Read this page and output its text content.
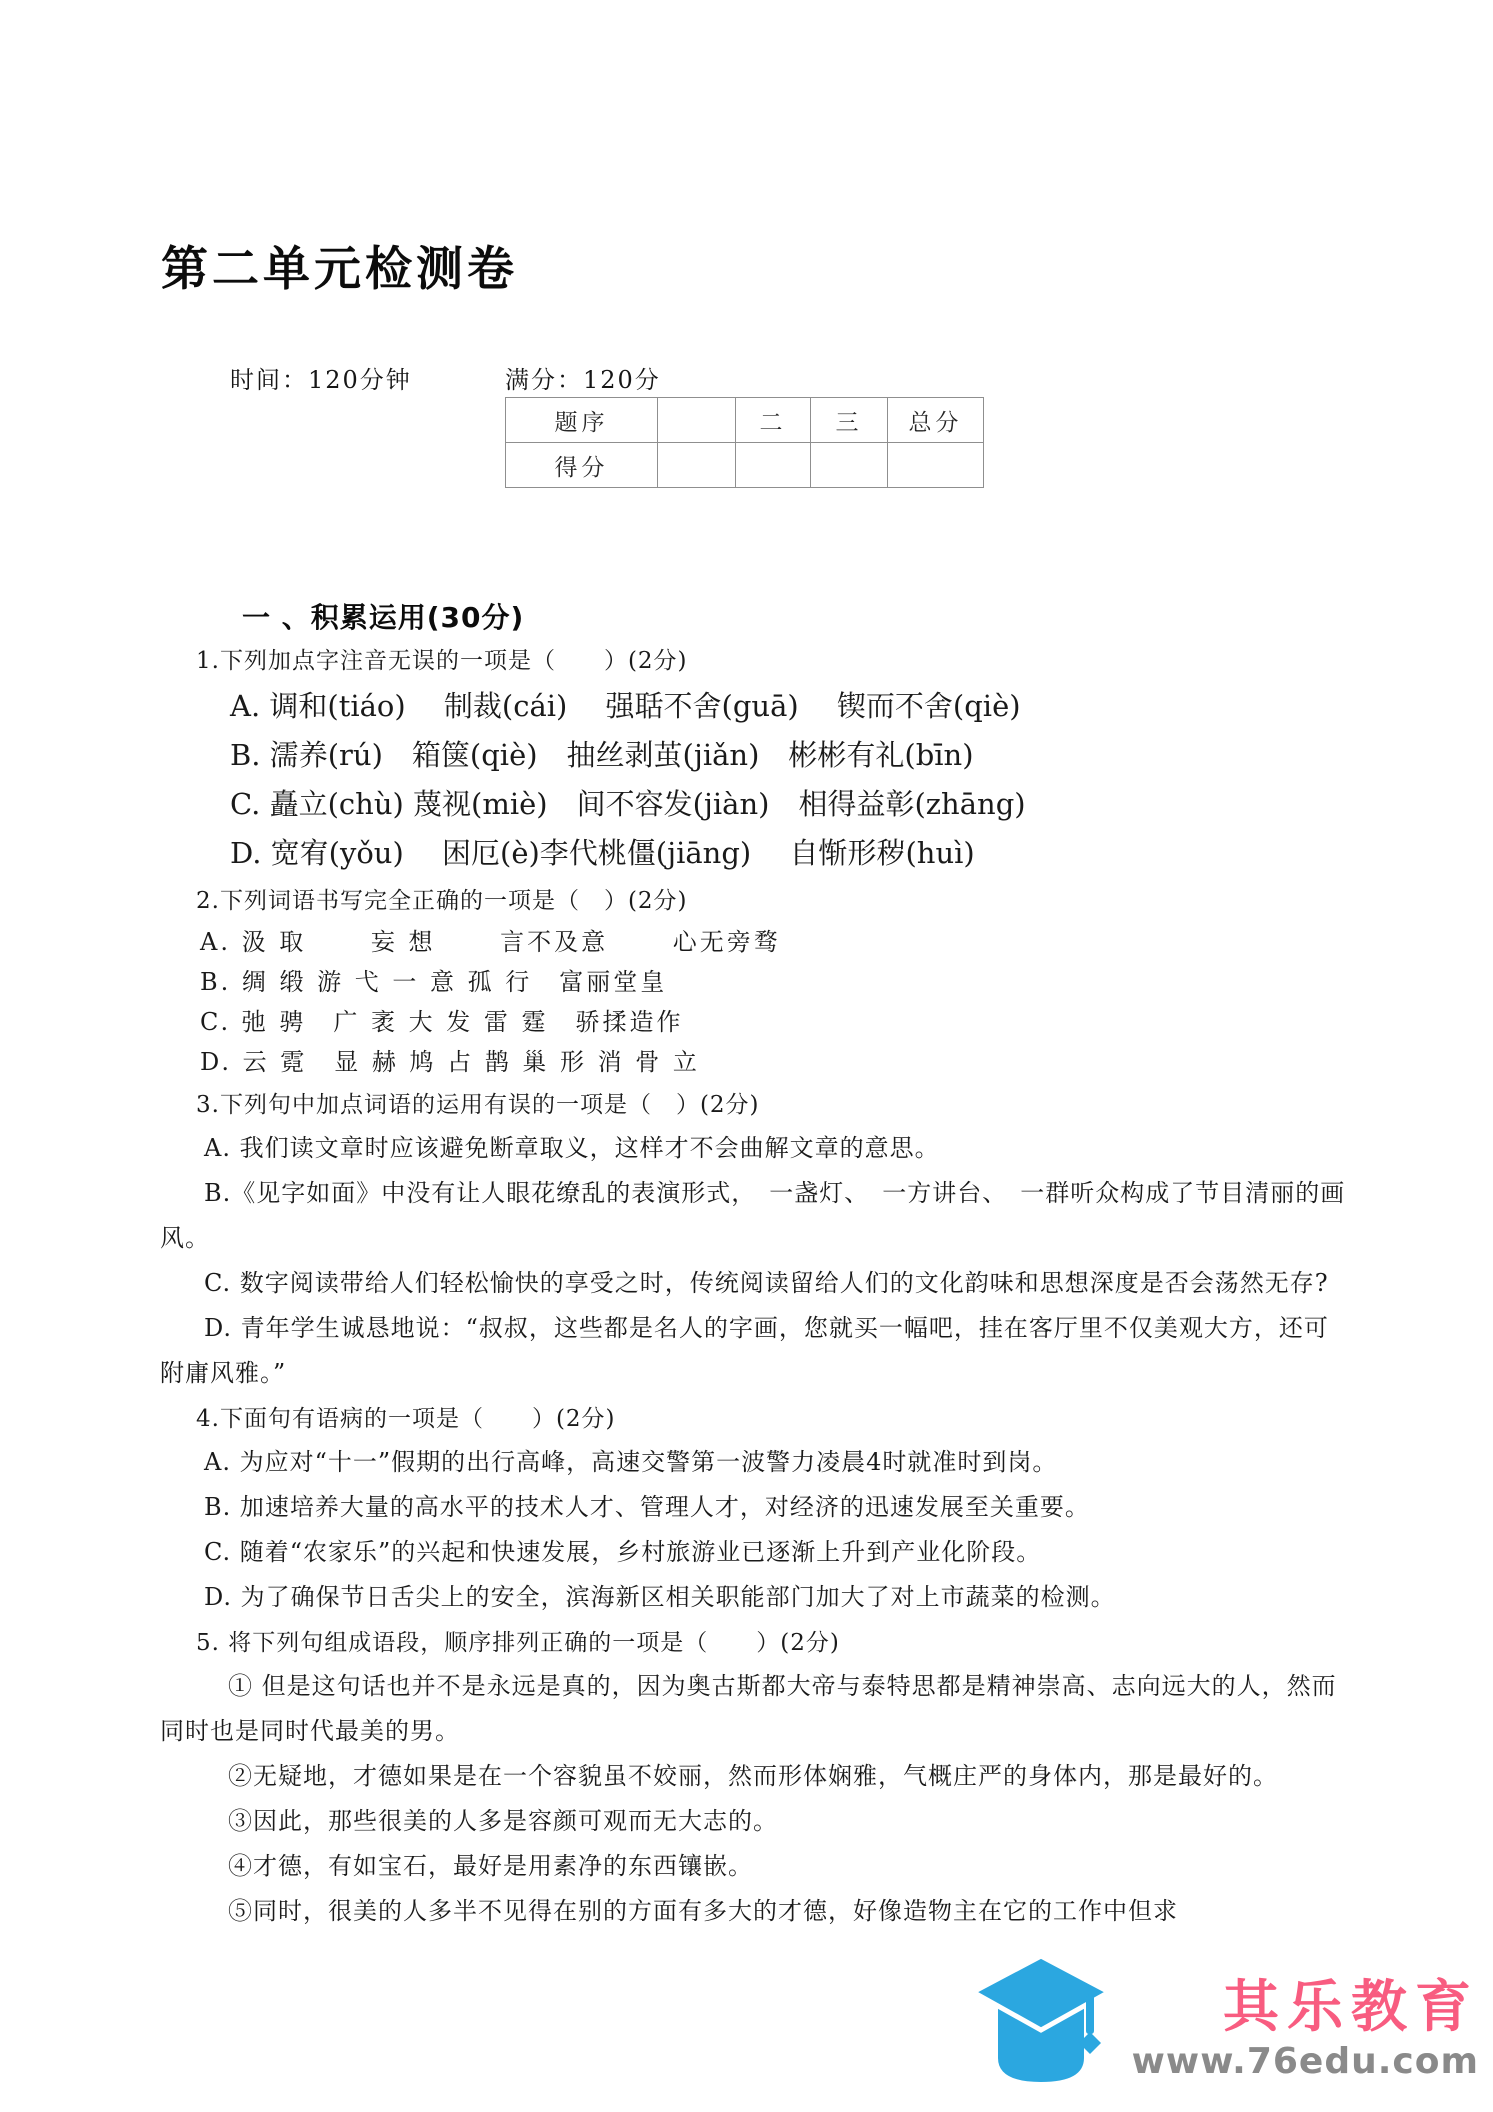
第二单元检测卷
时间：120分钟	满分：120分
题序		二	三	总分
得分				

一 、积累运用(30分)

1.下列加点字注音无误的一项是（　　）(2分)

A. 调和(tiáo)　 制裁(cái)　 强聒不舍(guā)　 锲而不舍(qiè)

B. 濡养(rú)　箱箧(qiè)　抽丝剥茧(jiǎn)　彬彬有礼(bīn)

C. 矗立(chù) 蔑视(miè)　间不容发(jiàn)　相得益彰(zhāng)

D. 宽宥(yǒu)　 困厄(è)李代桃僵(jiāng)　 自惭形秽(huì)

2.下列词语书写完全正确的一项是（　）(2分)

A. 汲 取　　 妄 想　　 言不及意　　 心无旁骛

B. 绸 缎 游 弋 一 意 孤 行　富丽堂皇

C. 弛 骋　广 袤 大 发 雷 霆　骄揉造作

D. 云 霓　显 赫 鸠 占 鹊 巢 形 消 骨 立

3.下列句中加点词语的运用有误的一项是（　）(2分)

A. 我们读文章时应该避免断章取义，这样才不会曲解文章的意思。

B.《见字如面》中没有让人眼花缭乱的表演形式，　一盏灯、　一方讲台、　一群听众构成了节目清丽的画风。

C. 数字阅读带给人们轻松愉快的享受之时，传统阅读留给人们的文化韵味和思想深度是否会荡然无存?

D. 青年学生诚恳地说：“叔叔，这些都是名人的字画，您就买一幅吧，挂在客厅里不仅美观大方，还可附庸风雅。”

4.下面句有语病的一项是（　　）(2分)

A. 为应对“十一”假期的出行高峰，高速交警第一波警力凌晨4时就准时到岗。

B. 加速培养大量的高水平的技术人才、管理人才，对经济的迅速发展至关重要。

C. 随着“农家乐”的兴起和快速发展，乡村旅游业已逐渐上升到产业化阶段。

D. 为了确保节日舌尖上的安全，滨海新区相关职能部门加大了对上市蔬菜的检测。

5. 将下列句组成语段，顺序排列正确的一项是（　　）(2分)

① 但是这句话也并不是永远是真的，因为奥古斯都大帝与泰特思都是精神崇高、志向远大的人，然而同时也是同时代最美的男。

②无疑地，才德如果是在一个容貌虽不姣丽，然而形体娴雅，气概庄严的身体内，那是最好的。

③因此，那些很美的人多是容颜可观而无大志的。

④才德，有如宝石，最好是用素净的东西镶嵌。

⑤同时，很美的人多半不见得在别的方面有多大的才德，好像造物主在它的工作中但求

其乐教育
www.76edu.com
